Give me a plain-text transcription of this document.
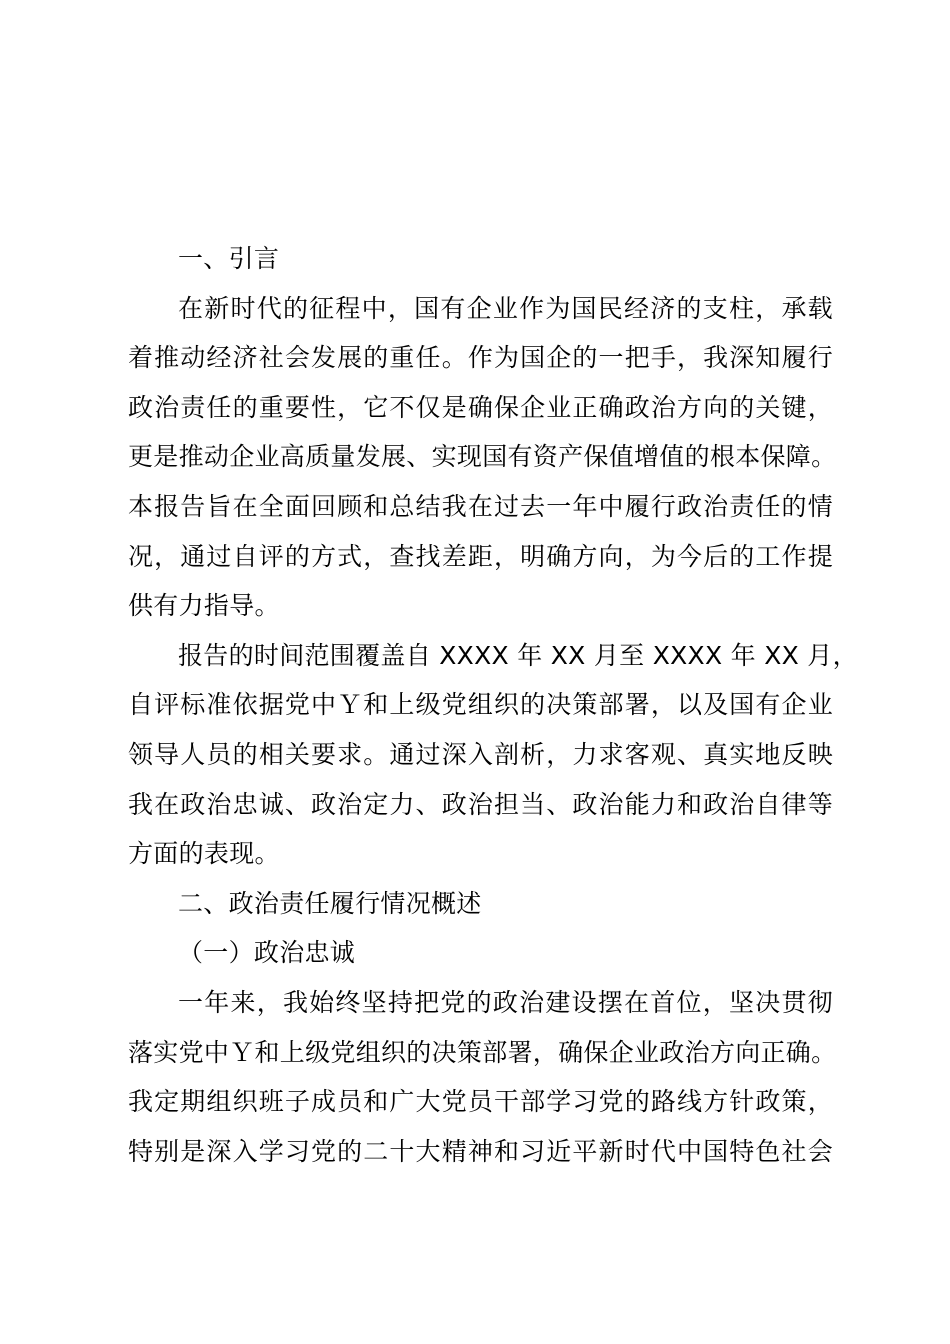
一、引言
在新时代的征程中，国有企业作为国民经济的支柱，承载
着推动经济社会发展的重任。作为国企的一把手，我深知履行
政治责任的重要性，它不仅是确保企业正确政治方向的关键，
更是推动企业高质量发展、实现国有资产保值增值的根本保障。
本报告旨在全面回顾和总结我在过去一年中履行政治责任的情
况，通过自评的方式，查找差距，明确方向，为今后的工作提
供有力指导。
报告的时间范围覆盖自 XXXX 年 XX 月至 XXXX 年 XX 月，
自评标准依据党中Ｙ和上级党组织的决策部署，以及国有企业
领导人员的相关要求。通过深入剖析，力求客观、真实地反映
我在政治忠诚、政治定力、政治担当、政治能力和政治自律等
方面的表现。
二、政治责任履行情况概述
（一）政治忠诚
一年来，我始终坚持把党的政治建设摆在首位，坚决贯彻
落实党中Ｙ和上级党组织的决策部署，确保企业政治方向正确。
我定期组织班子成员和广大党员干部学习党的路线方针政策，
特别是深入学习党的二十大精神和习近平新时代中国特色社会
